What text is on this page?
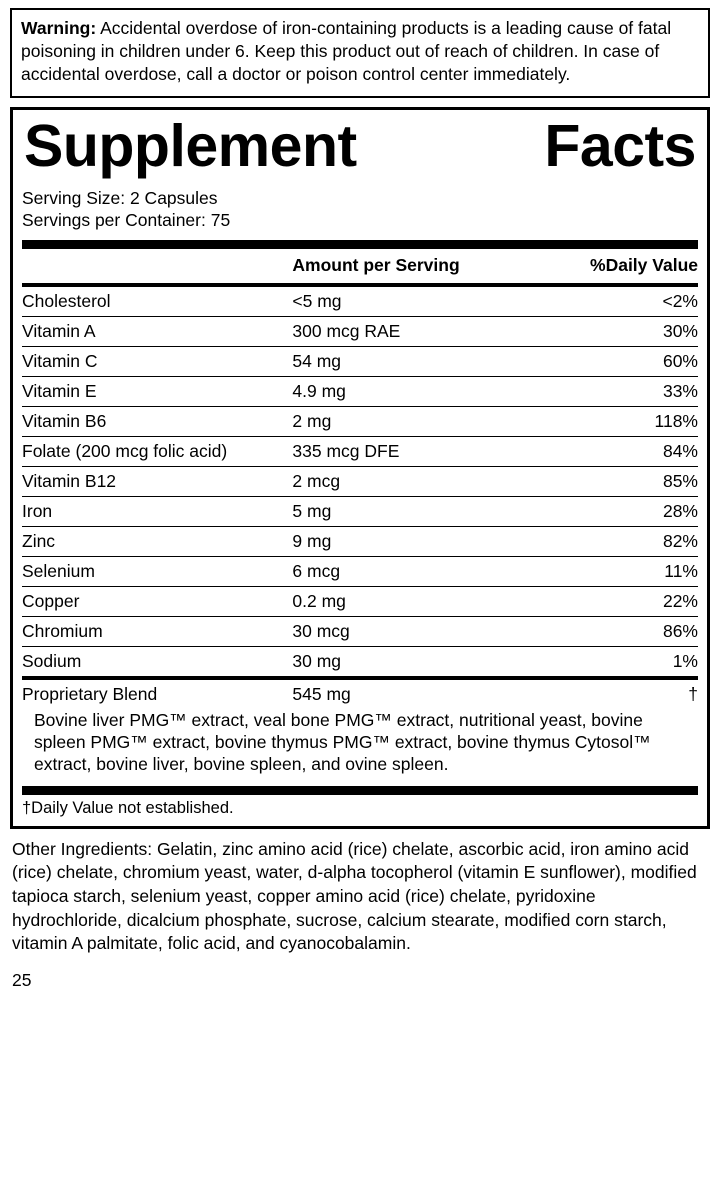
Warning: Accidental overdose of iron-containing products is a leading cause of fatal poisoning in children under 6. Keep this product out of reach of children. In case of accidental overdose, call a doctor or poison control center immediately.
Supplement	Facts
Serving Size: 2 Capsules
Servings per Container: 75
	Amount per Serving	%Daily Value
Cholesterol	<5 mg	<2%
Vitamin A	300 mcg RAE	30%
Vitamin C	54 mg	60%
Vitamin E	4.9 mg	33%
Vitamin B6	2 mg	118%
Folate (200 mcg folic acid)	335 mcg DFE	84%
Vitamin B12	2 mcg	85%
Iron	5 mg	28%
Zinc	9 mg	82%
Selenium	6 mcg	11%
Copper	0.2 mg	22%
Chromium	30 mcg	86%
Sodium	30 mg	1%
Proprietary Blend	545 mg	†
Bovine liver PMG™ extract, veal bone PMG™ extract, nutritional yeast, bovine spleen PMG™ extract, bovine thymus PMG™ extract, bovine thymus Cytosol™ extract, bovine liver, bovine spleen, and ovine spleen.
†Daily Value not established.
Other Ingredients: Gelatin, zinc amino acid (rice) chelate, ascorbic acid, iron amino acid (rice) chelate, chromium yeast, water, d-alpha tocopherol (vitamin E sunflower), modified tapioca starch, selenium yeast, copper amino acid (rice) chelate, pyridoxine hydrochloride, dicalcium phosphate, sucrose, calcium stearate, modified corn starch, vitamin A palmitate, folic acid, and cyanocobalamin.
25
